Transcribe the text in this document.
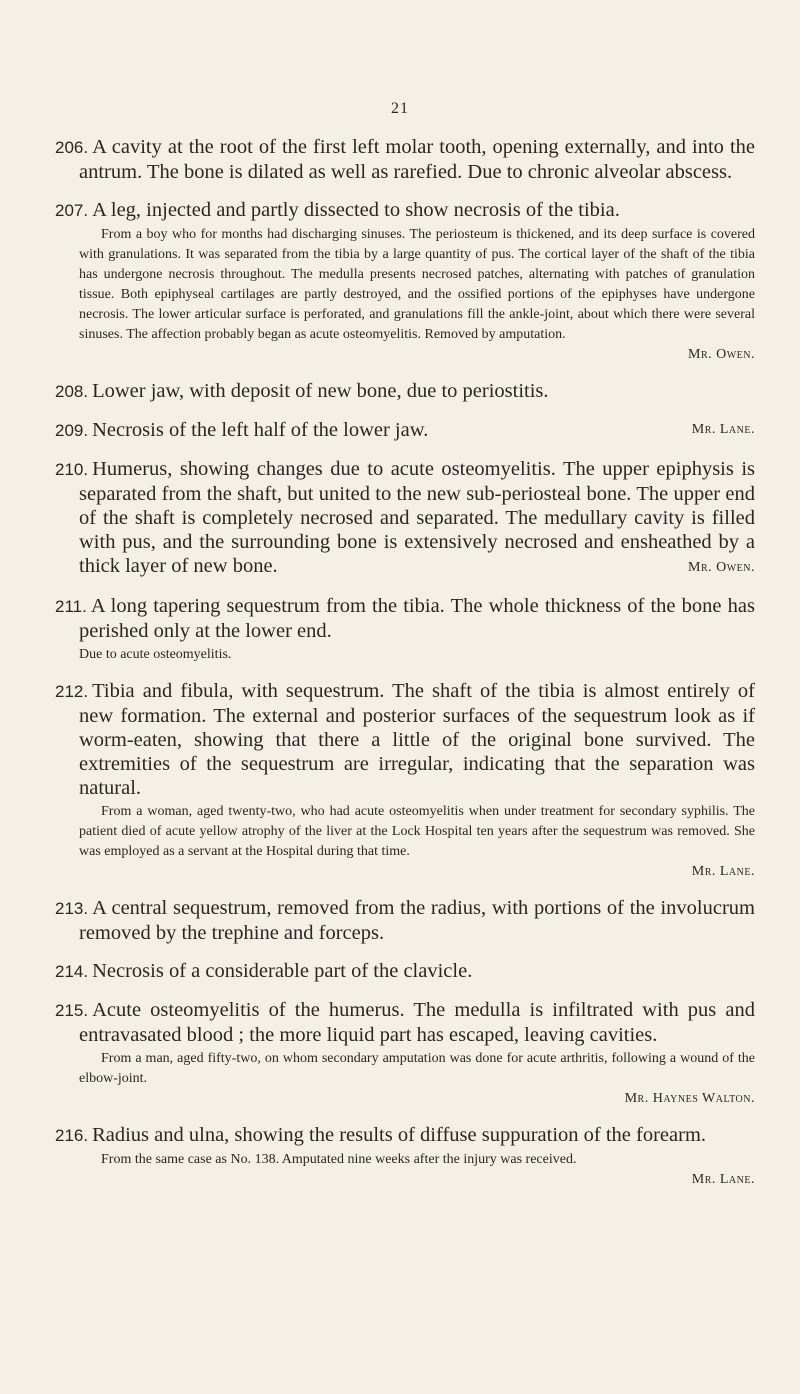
21

206. A cavity at the root of the first left molar tooth, opening externally, and into the antrum. The bone is dilated as well as rarefied. Due to chronic alveolar abscess.

207. A leg, injected and partly dissected to show necrosis of the tibia.

From a boy who for months had discharging sinuses. The periosteum is thickened, and its deep surface is covered with granulations. It was separated from the tibia by a large quantity of pus. The cortical layer of the shaft of the tibia has undergone necrosis throughout. The medulla presents necrosed patches, alternating with patches of granulation tissue. Both epiphyseal cartilages are partly destroyed, and the ossified portions of the epiphyses have undergone necrosis. The lower articular surface is perforated, and granulations fill the ankle-joint, about which there were several sinuses. The affection probably began as acute osteomyelitis. Removed by amputation.
Mr. Owen.

208. Lower jaw, with deposit of new bone, due to periostitis.

209.	Mr. Lane.
Necrosis of the left half of the lower jaw.

210. Humerus, showing changes due to acute osteomyelitis. The upper epiphysis is separated from the shaft, but united to the new sub-periosteal bone. The upper end of the shaft is completely necrosed and separated. The medullary cavity is filled with pus, and the surrounding bone is extensively necrosed and ensheathed by a thick layer of new bone.	Mr. Owen.

211. A long tapering sequestrum from the tibia. The whole thickness of the bone has perished only at the lower end.

Due to acute osteomyelitis.

212. Tibia and fibula, with sequestrum. The shaft of the tibia is almost entirely of new formation. The external and posterior surfaces of the sequestrum look as if worm-eaten, showing that there a little of the original bone survived. The extremities of the sequestrum are irregular, indicating that the separation was natural.

From a woman, aged twenty-two, who had acute osteomyelitis when under treatment for secondary syphilis. The patient died of acute yellow atrophy of the liver at the Lock Hospital ten years after the sequestrum was removed. She was employed as a servant at the Hospital during that time.
Mr. Lane.

213. A central sequestrum, removed from the radius, with portions of the involucrum removed by the trephine and forceps.

214. Necrosis of a considerable part of the clavicle.

215. Acute osteomyelitis of the humerus. The medulla is infiltrated with pus and entravasated blood ; the more liquid part has escaped, leaving cavities.

From a man, aged fifty-two, on whom secondary amputation was done for acute arthritis, following a wound of the elbow-joint.
Mr. Haynes Walton.

216. Radius and ulna, showing the results of diffuse suppuration of the forearm.

From the same case as No. 138. Amputated nine weeks after the injury was received.
Mr. Lane.
